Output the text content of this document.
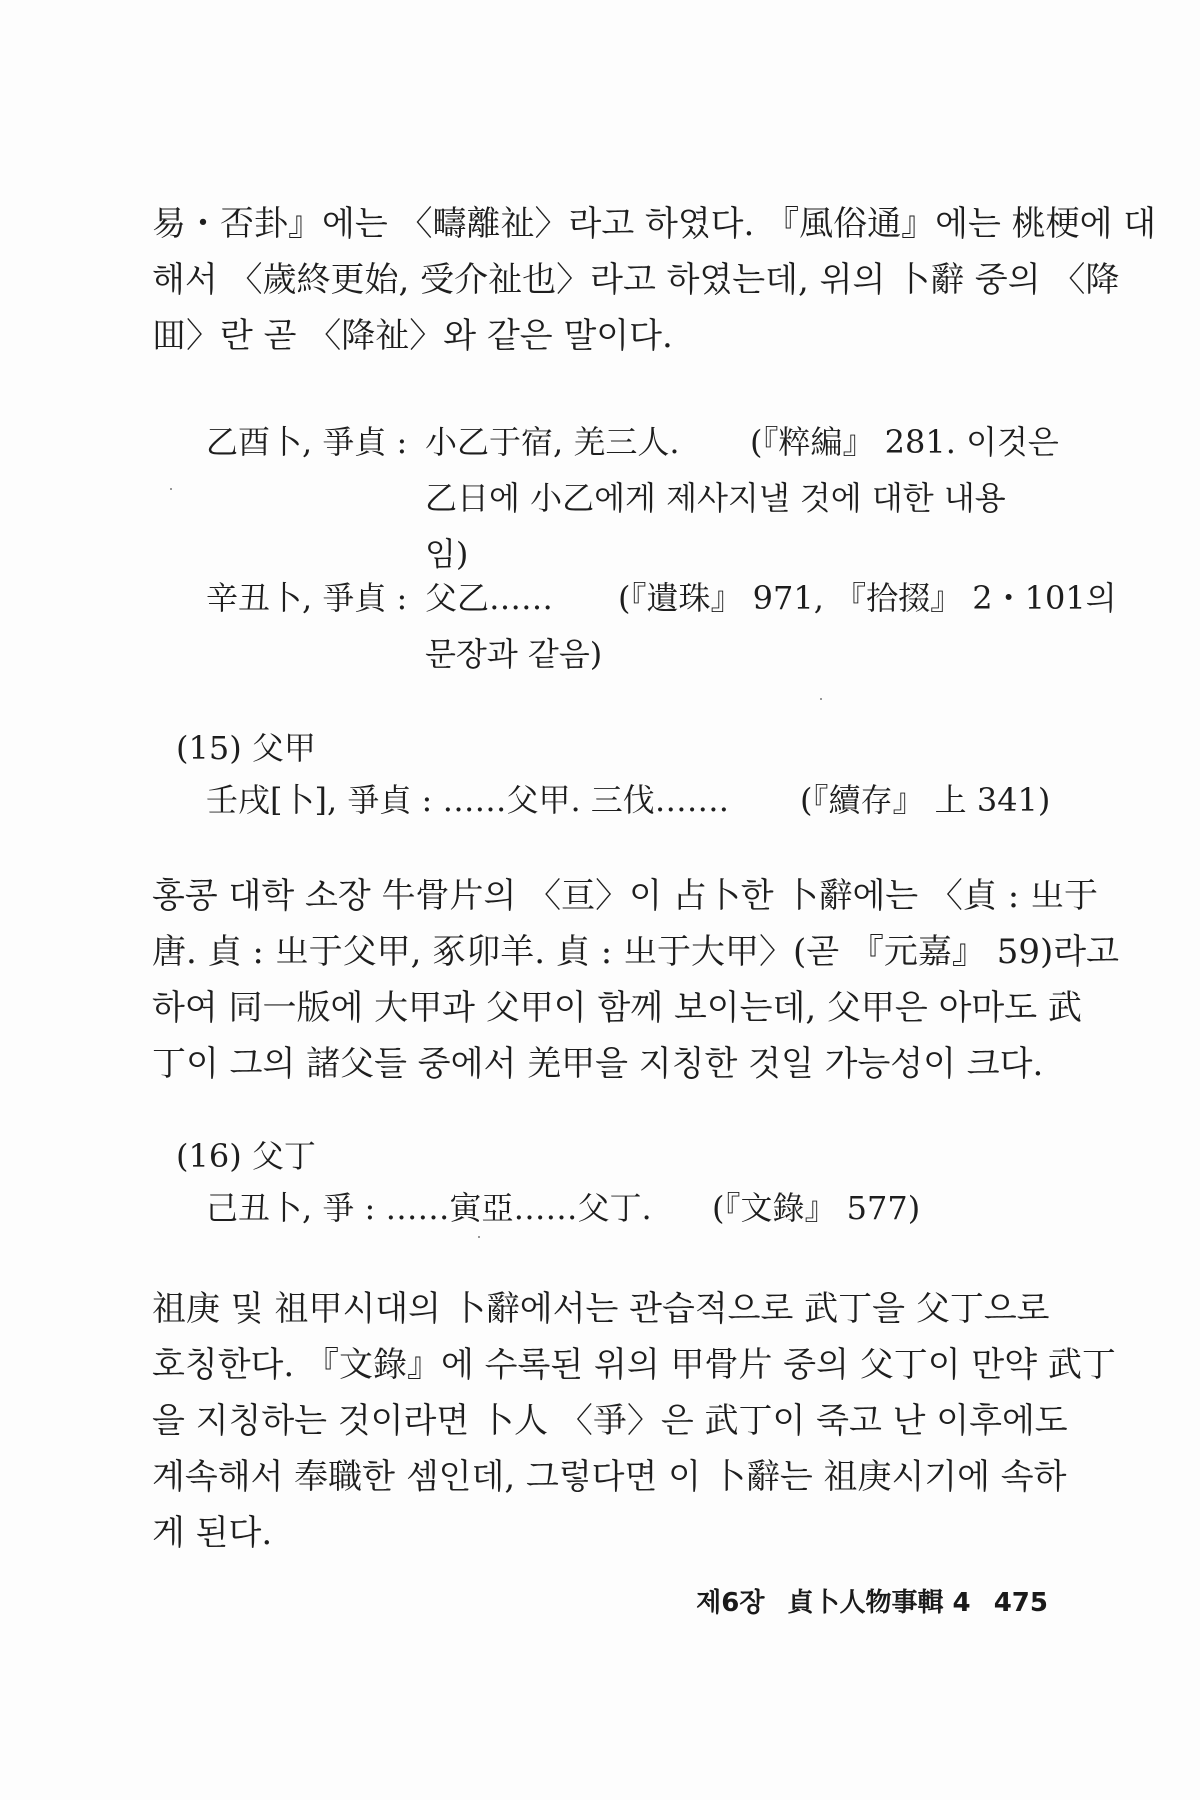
易・否卦』에는 〈疇離祉〉라고 하였다. 『風俗通』에는 桃梗에 대
해서 〈歲終更始, 受介祉也〉라고 하였는데, 위의 卜辭 중의 〈降
囬〉란 곧 〈降祉〉와 같은 말이다.
乙酉卜, 爭貞 : 小乙于宿, 羌三人. (『粹編』 281. 이것은
乙日에 小乙에게 제사지낼 것에 대한 내용
임)
辛丑卜, 爭貞 : 父乙…… (『遺珠』 971, 『拾掇』 2・101의
문장과 같음)
(15) 父甲
壬戌[卜], 爭貞 : ……父甲. 三伐……. (『續存』 上 341)
홍콩 대학 소장 牛骨片의 〈亘〉이 占卜한 卜辭에는 〈貞 : 㞢于
唐. 貞 : 㞢于父甲, 豖卯羊. 貞 : 㞢于大甲〉(곧 『元嘉』 59)라고
하여 同一版에 大甲과 父甲이 함께 보이는데, 父甲은 아마도 武
丁이 그의 諸父들 중에서 羌甲을 지칭한 것일 가능성이 크다.
(16) 父丁
己丑卜, 爭 : ……寅亞……父丁. (『文錄』 577)
祖庚 및 祖甲시대의 卜辭에서는 관습적으로 武丁을 父丁으로
호칭한다. 『文錄』에 수록된 위의 甲骨片 중의 父丁이 만약 武丁
을 지칭하는 것이라면 卜人 〈爭〉은 武丁이 죽고 난 이후에도
계속해서 奉職한 셈인데, 그렇다면 이 卜辭는 祖庚시기에 속하
게 된다.
제6장 貞卜人物事輯 4 475
